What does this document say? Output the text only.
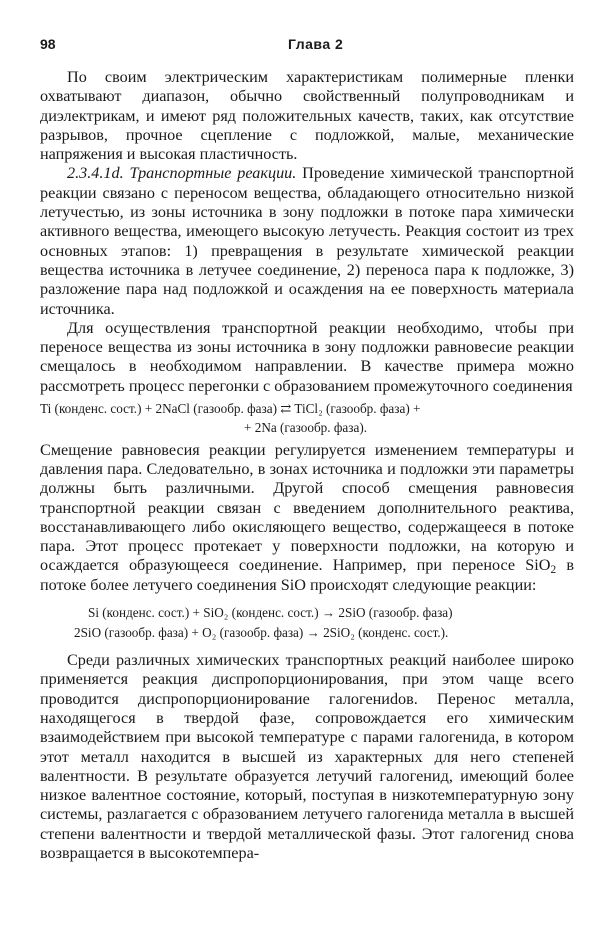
98	Глава 2

По своим электрическим характеристикам полимерные пленки охватывают диапазон, обычно свойственный полупроводникам и диэлектрикам, и имеют ряд положительных качеств, таких, как отсутствие разрывов, прочное сцепление с подложкой, малые, механические напряжения и высокая пластичность.

2.3.4.1d. Транспортные реакции. Проведение химической транспортной реакции связано с переносом вещества, обладающего относительно низкой летучестью, из зоны источника в зону подложки в потоке пара химически активного вещества, имеющего высокую летучесть. Реакция состоит из трех основных этапов: 1) превращения в результате химической реакции вещества источника в летучее соединение, 2) переноса пара к подложке, 3) разложение пара над подложкой и осаждения на ее поверхность материала источника.

Для осуществления транспортной реакции необходимо, чтобы при переносе вещества из зоны источника в зону подложки равновесие реакции смещалось в необходимом направлении. В качестве примера можно рассмотреть процесс перегонки с образованием промежуточного соединения

Ti (конденс. сост.) + 2NaCl (газообр. фаза) ⇄ TiCl₂ (газообр. фаза) +
+ 2Na (газообр. фаза).

Смещение равновесия реакции регулируется изменением температуры и давления пара. Следовательно, в зонах источника и подложки эти параметры должны быть различными. Другой способ смещения равновесия транспортной реакции связан с введением дополнительного реактива, восстанавливающего либо окисляющего вещество, содержащееся в потоке пара. Этот процесс протекает у поверхности подложки, на которую и осаждается образующееся соединение. Например, при переносе SiO$_2$ в потоке более летучего соединения SiO происходят следующие реакции:

Si (конденс. сост.) + SiO₂ (конденс. сост.) → 2SiO (газообр. фаза)
2SiO (газообр. фаза) + O₂ (газообр. фаза) → 2SiO₂ (конденс. сост.).

Среди различных химических транспортных реакций наиболее широко применяется реакция диспропорционирования, при этом чаще всего проводится диспропорционирование галогениdов. Перенос металла, находящегося в твердой фазе, сопровождается его химическим взаимодействием при высокой температуре с парами галогенида, в котором этот металл находится в высшей из характерных для него степеней валентности. В результате образуется летучий галогенид, имеющий более низкое валентное состояние, который, поступая в низкотемпературную зону системы, разлагается с образованием летучего галогенида металла в высшей степени валентности и твердой металлической фазы. Этот галогенид снова возвращается в высокотемпера-
